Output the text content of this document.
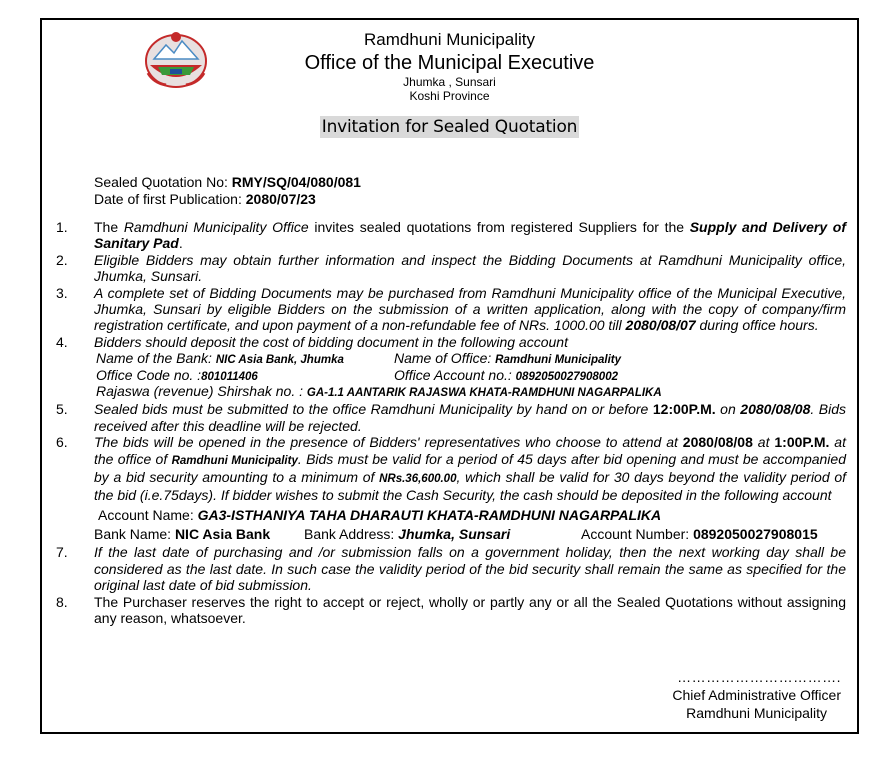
Ramdhuni Municipality
Office of the Municipal Executive
Jhumka , Sunsari
Koshi Province
Invitation for Sealed Quotation
Sealed Quotation No: RMY/SQ/04/080/081
Date of first Publication: 2080/07/23
1. The Ramdhuni Municipality Office invites sealed quotations from registered Suppliers for the Supply and Delivery of Sanitary Pad.
2. Eligible Bidders may obtain further information and inspect the Bidding Documents at Ramdhuni Municipality office, Jhumka, Sunsari.
3. A complete set of Bidding Documents may be purchased from Ramdhuni Municipality office of the Municipal Executive, Jhumka, Sunsari by eligible Bidders on the submission of a written application, along with the copy of company/firm registration certificate, and upon payment of a non-refundable fee of NRs. 1000.00 till 2080/08/07 during office hours.
4. Bidders should deposit the cost of bidding document in the following account
Name of the Bank: NIC Asia Bank, Jhumka	Name of Office: Ramdhuni Municipality
Office Code no. :801011406	Office Account no.: 0892050027908002
Rajaswa (revenue) Shirshak no. : GA-1.1 AANTARIK RAJASWA KHATA-RAMDHUNI NAGARPALIKA
5. Sealed bids must be submitted to the office Ramdhuni Municipality by hand on or before 12:00P.M. on 2080/08/08. Bids received after this deadline will be rejected.
6. The bids will be opened in the presence of Bidders' representatives who choose to attend at 2080/08/08 at 1:00P.M. at the office of Ramdhuni Municipality. Bids must be valid for a period of 45 days after bid opening and must be accompanied by a bid security amounting to a minimum of NRs.36,600.00, which shall be valid for 30 days beyond the validity period of the bid (i.e.75days). If bidder wishes to submit the Cash Security, the cash should be deposited in the following account
Account Name: GA3-ISTHANIYA TAHA DHARAUTI KHATA-RAMDHUNI NAGARPALIKA
Bank Name: NIC Asia Bank Bank Address: Jhumka, Sunsari	Account Number: 0892050027908015
7. If the last date of purchasing and /or submission falls on a government holiday, then the next working day shall be considered as the last date. In such case the validity period of the bid security shall remain the same as specified for the original last date of bid submission.
8. The Purchaser reserves the right to accept or reject, wholly or partly any or all the Sealed Quotations without assigning any reason, whatsoever.
…………………………….
Chief Administrative Officer
Ramdhuni Municipality
